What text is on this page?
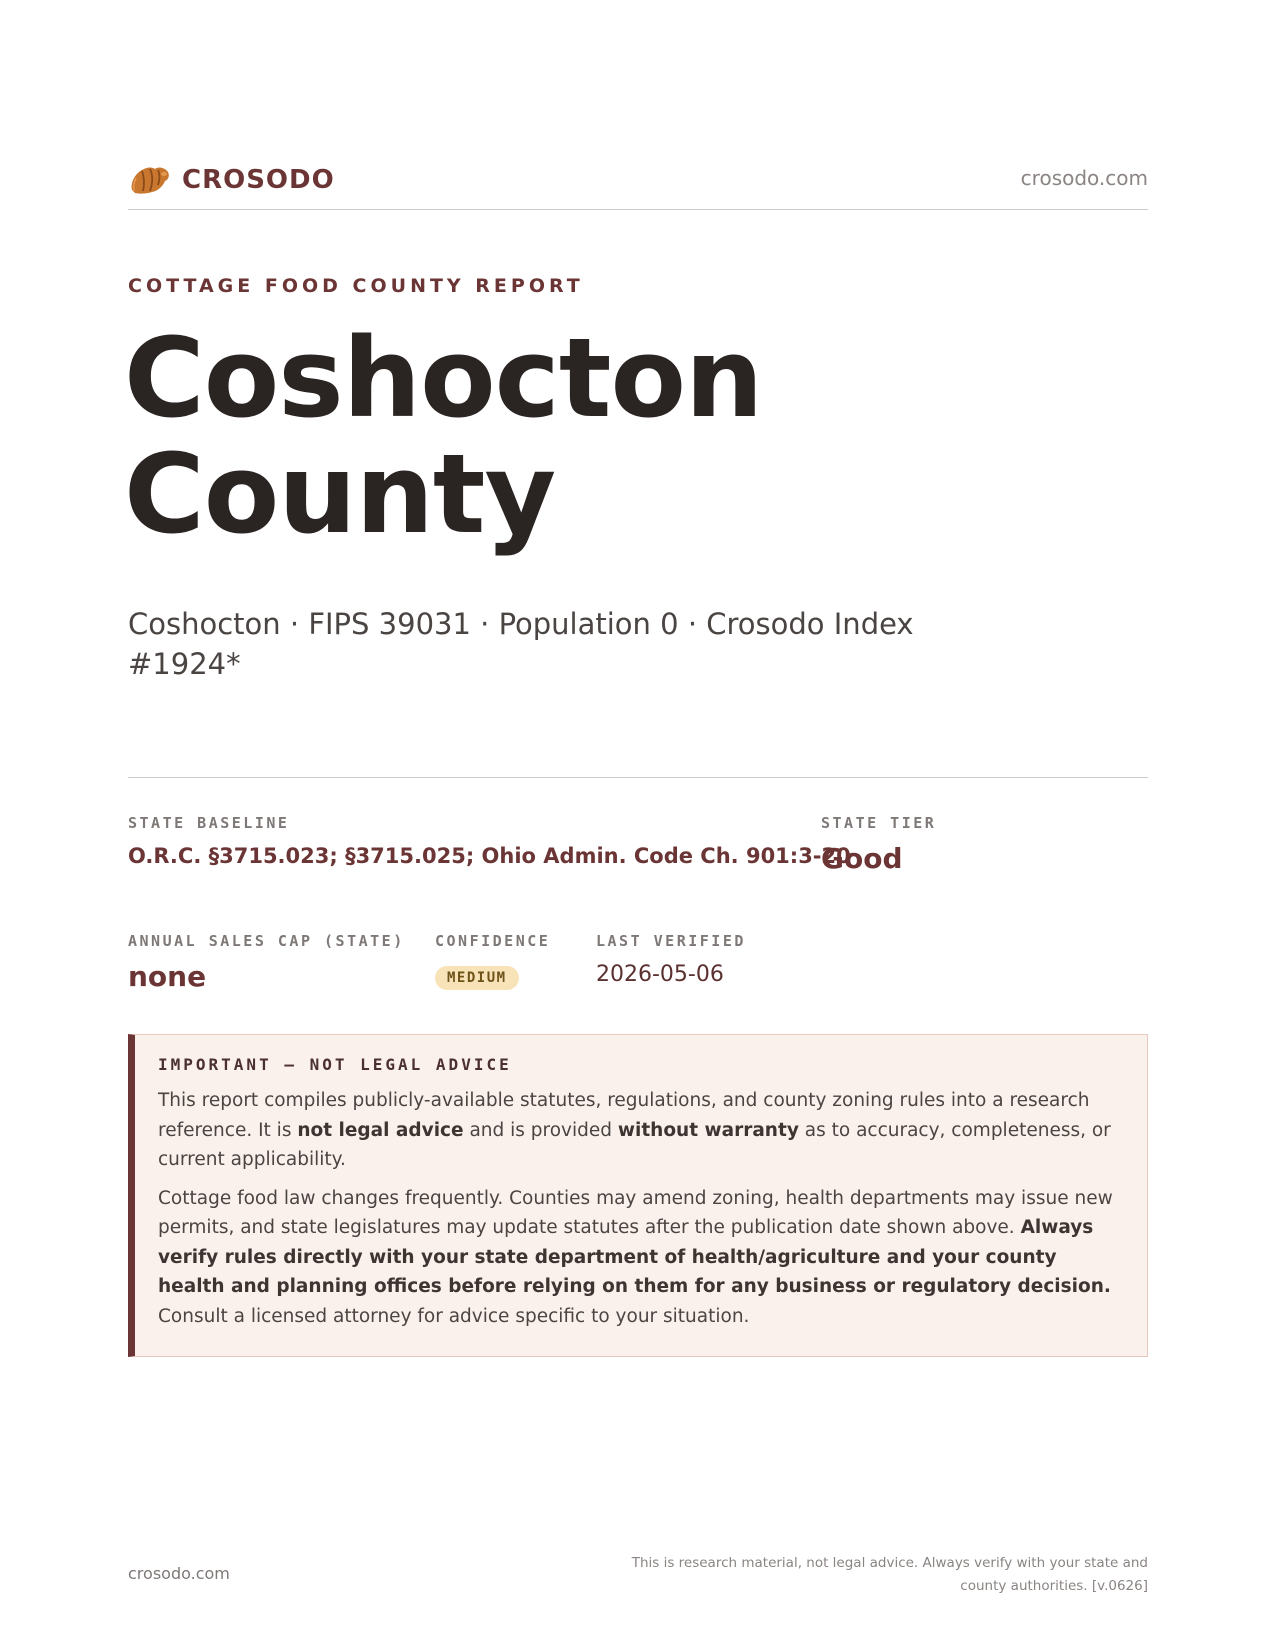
CROSODO	crosodo.com
COTTAGE FOOD COUNTY REPORT
Coshocton
County
Coshocton · FIPS 39031 · Population 0 · Crosodo Index #1924*
STATE BASELINE
O.R.C. §3715.023; §3715.025; Ohio Admin. Code Ch. 901:3-20
STATE TIER
Good
ANNUAL SALES CAP (STATE)
none
CONFIDENCE
MEDIUM
LAST VERIFIED
2026-05-06
IMPORTANT — NOT LEGAL ADVICE

This report compiles publicly-available statutes, regulations, and county zoning rules into a research reference. It is not legal advice and is provided without warranty as to accuracy, completeness, or current applicability.

Cottage food law changes frequently. Counties may amend zoning, health departments may issue new permits, and state legislatures may update statutes after the publication date shown above. Always verify rules directly with your state department of health/agriculture and your county health and planning offices before relying on them for any business or regulatory decision. Consult a licensed attorney for advice specific to your situation.

crosodo.com
This is research material, not legal advice. Always verify with your state and county authorities. [v.0626]
